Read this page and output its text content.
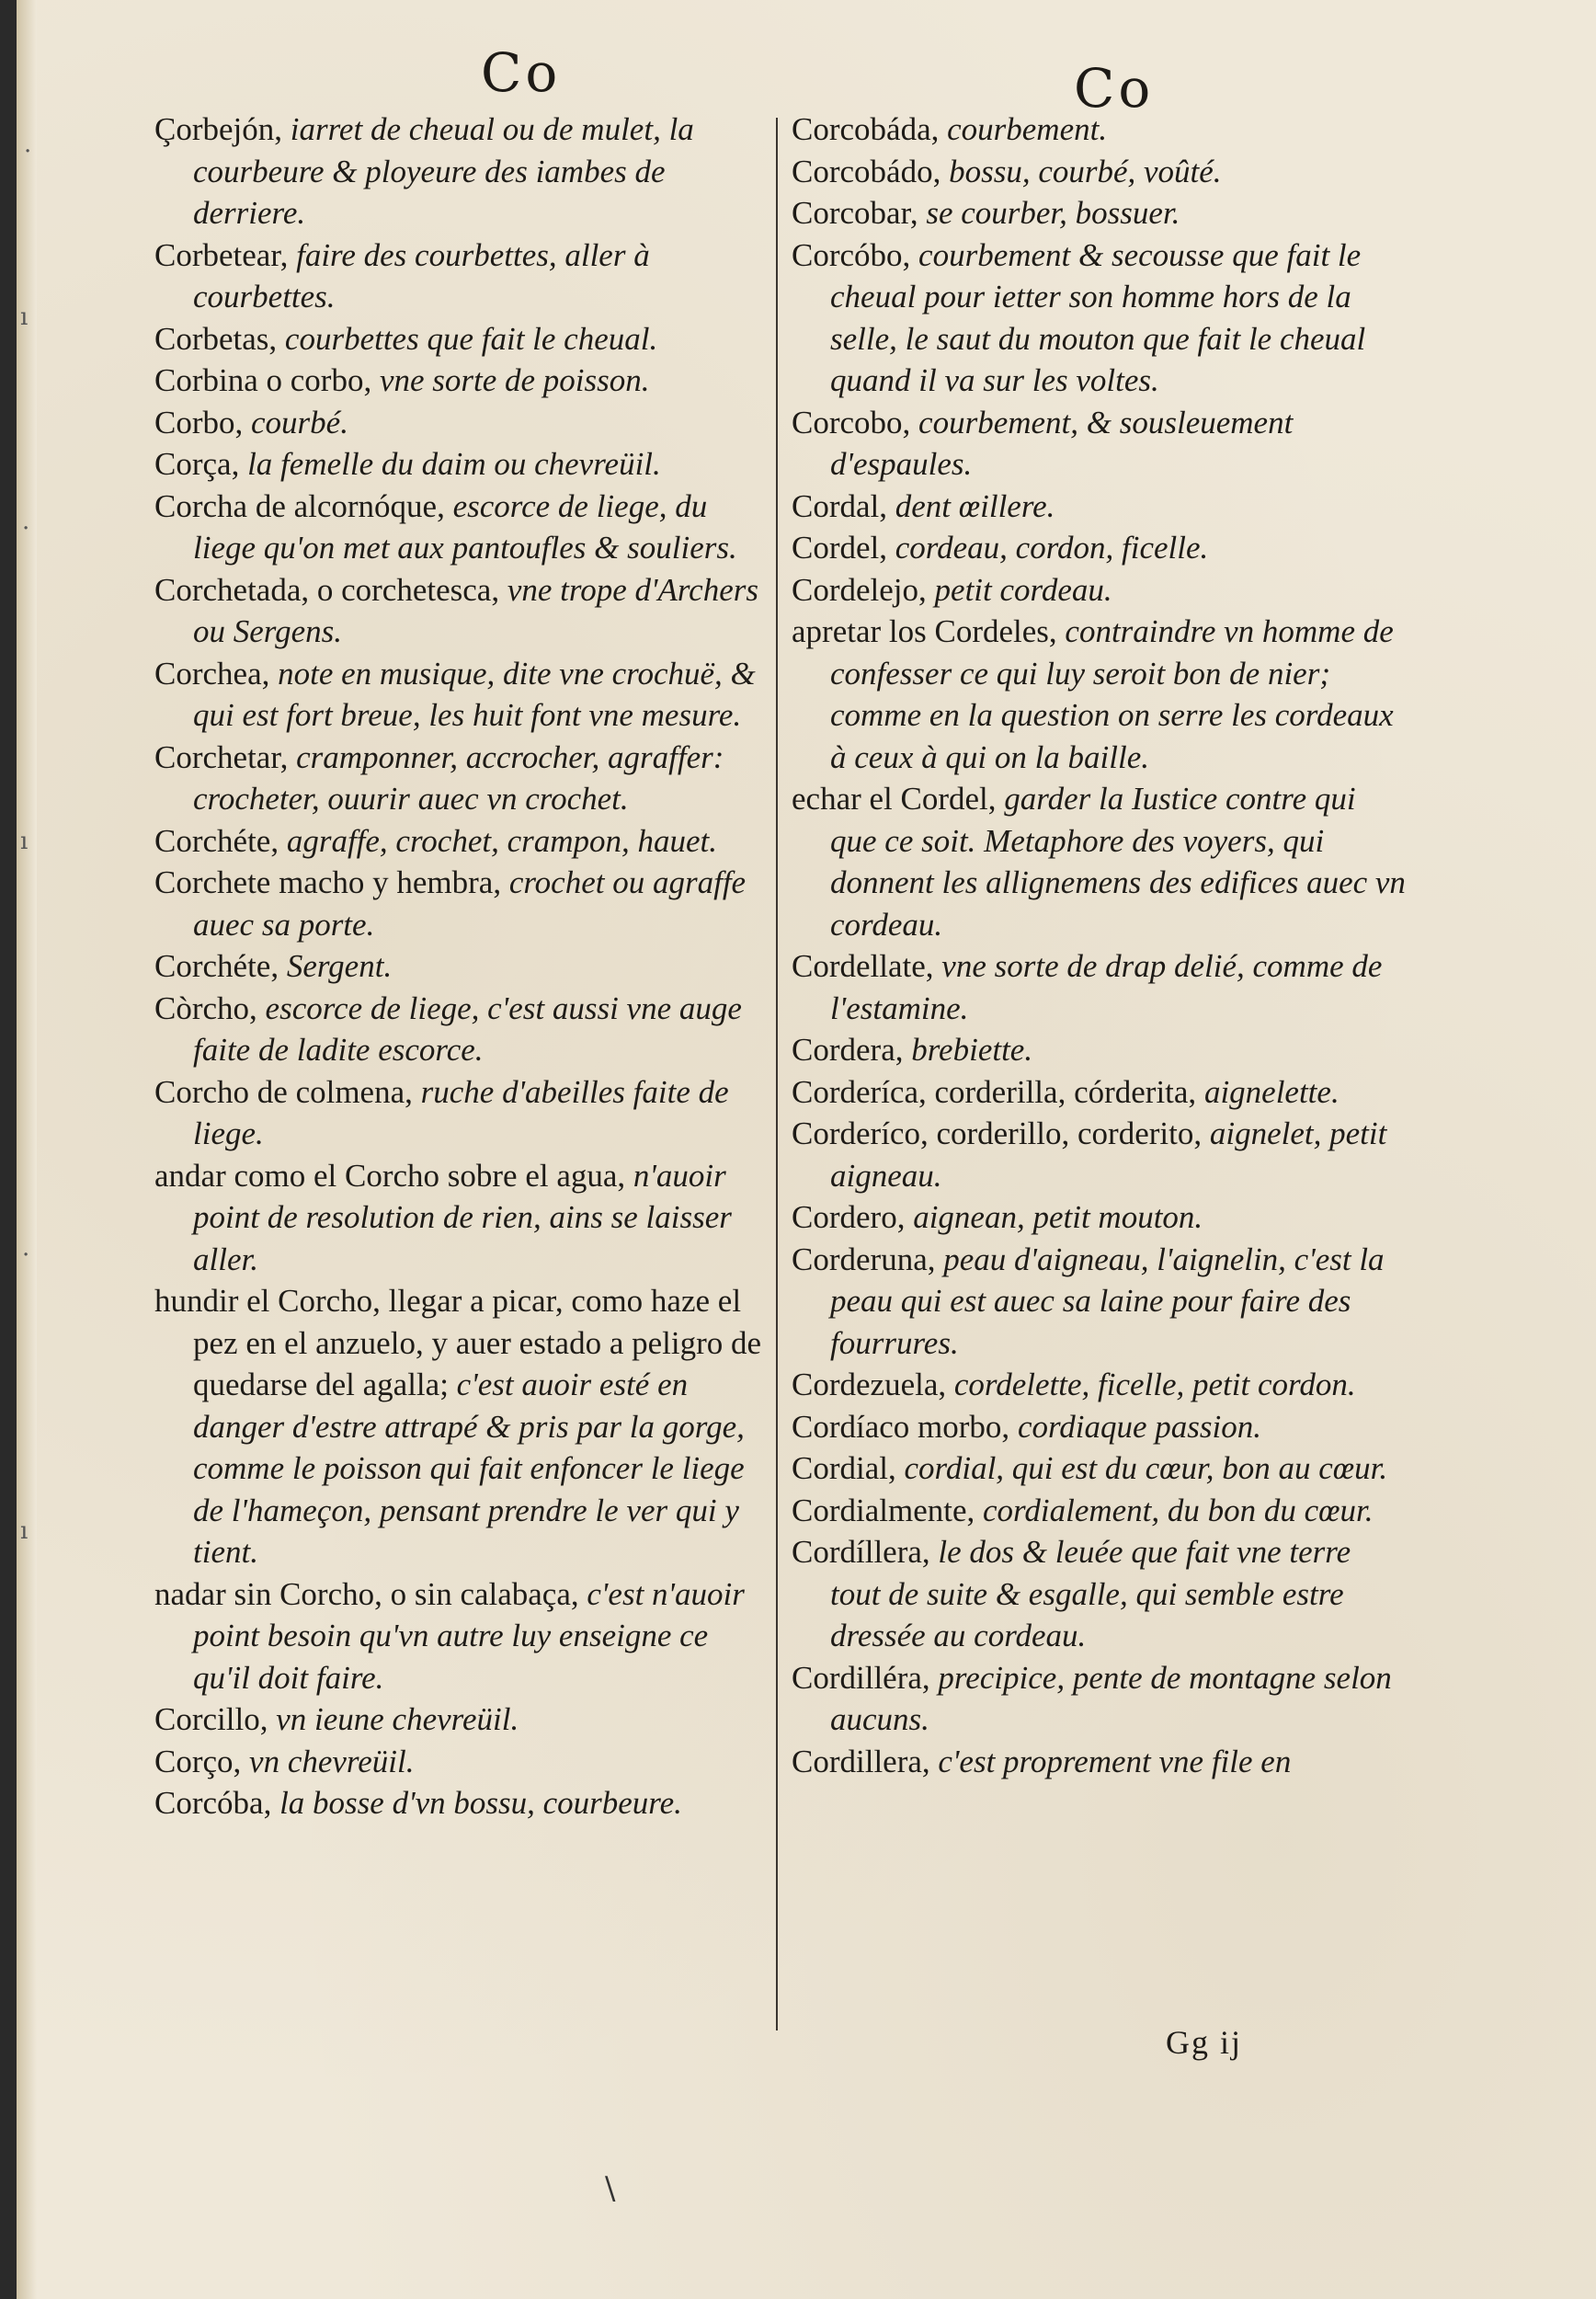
·
ı
·
ı
·
ı
Co	Co

Çorbejón, iarret de cheual ou de mulet, la courbeure & ployeure des iambes de derriere.

Corbetear, faire des courbettes, aller à courbettes.

Corbetas, courbettes que fait le cheual.

Corbina o corbo, vne sorte de poisson.

Corbo, courbé.

Corça, la femelle du daim ou chevreüil.

Corcha de alcornóque, escorce de liege, du liege qu'on met aux pantoufles & souliers.

Corchetada, o corchetesca, vne trope d'Archers ou Sergens.

Corchea, note en musique, dite vne crochuë, & qui est fort breue, les huit font vne mesure.

Corchetar, cramponner, accrocher, agraffer: crocheter, ouurir auec vn crochet.

Corchéte, agraffe, crochet, crampon, hauet.

Corchete macho y hembra, crochet ou agraffe auec sa porte.

Corchéte, Sergent.

Còrcho, escorce de liege, c'est aussi vne auge faite de ladite escorce.

Corcho de colmena, ruche d'abeilles faite de liege.

andar como el Corcho sobre el agua, n'auoir point de resolution de rien, ains se laisser aller.

hundir el Corcho, llegar a picar, como haze el pez en el anzuelo, y auer estado a peligro de quedarse del agalla; c'est auoir esté en danger d'estre attrapé & pris par la gorge, comme le poisson qui fait enfoncer le liege de l'hameçon, pensant prendre le ver qui y tient.

nadar sin Corcho, o sin calabaça, c'est n'auoir point besoin qu'vn autre luy enseigne ce qu'il doit faire.

Corcillo, vn ieune chevreüil.

Corço, vn chevreüil.

Corcóba, la bosse d'vn bossu, courbeure.

Corcobáda, courbement.

Corcobádo, bossu, courbé, voûté.

Corcobar, se courber, bossuer.

Corcóbo, courbement & secousse que fait le cheual pour ietter son homme hors de la selle, le saut du mouton que fait le cheual quand il va sur les voltes.

Corcobo, courbement, & sousleuement d'espaules.

Cordal, dent œillere.

Cordel, cordeau, cordon, ficelle.

Cordelejo, petit cordeau.

apretar los Cordeles, contraindre vn homme de confesser ce qui luy seroit bon de nier; comme en la question on serre les cordeaux à ceux à qui on la baille.

echar el Cordel, garder la Iustice contre qui que ce soit. Metaphore des voyers, qui donnent les allignemens des edifices auec vn cordeau.

Cordellate, vne sorte de drap delié, comme de l'estamine.

Cordera, brebiette.

Corderíca, corderilla, córderita, aignelette.

Corderíco, corderillo, corderito, aignelet, petit aigneau.

Cordero, aignean, petit mouton.

Corderuna, peau d'aigneau, l'aignelin, c'est la peau qui est auec sa laine pour faire des fourrures.

Cordezuela, cordelette, ficelle, petit cordon.

Cordíaco morbo, cordiaque passion.

Cordial, cordial, qui est du cœur, bon au cœur.

Cordialmente, cordialement, du bon du cœur.

Cordíllera, le dos & leuée que fait vne terre tout de suite & esgalle, qui semble estre dressée au cordeau.

Cordilléra, precipice, pente de montagne selon aucuns.

Cordillera, c'est proprement vne file en

Gg ij
\
